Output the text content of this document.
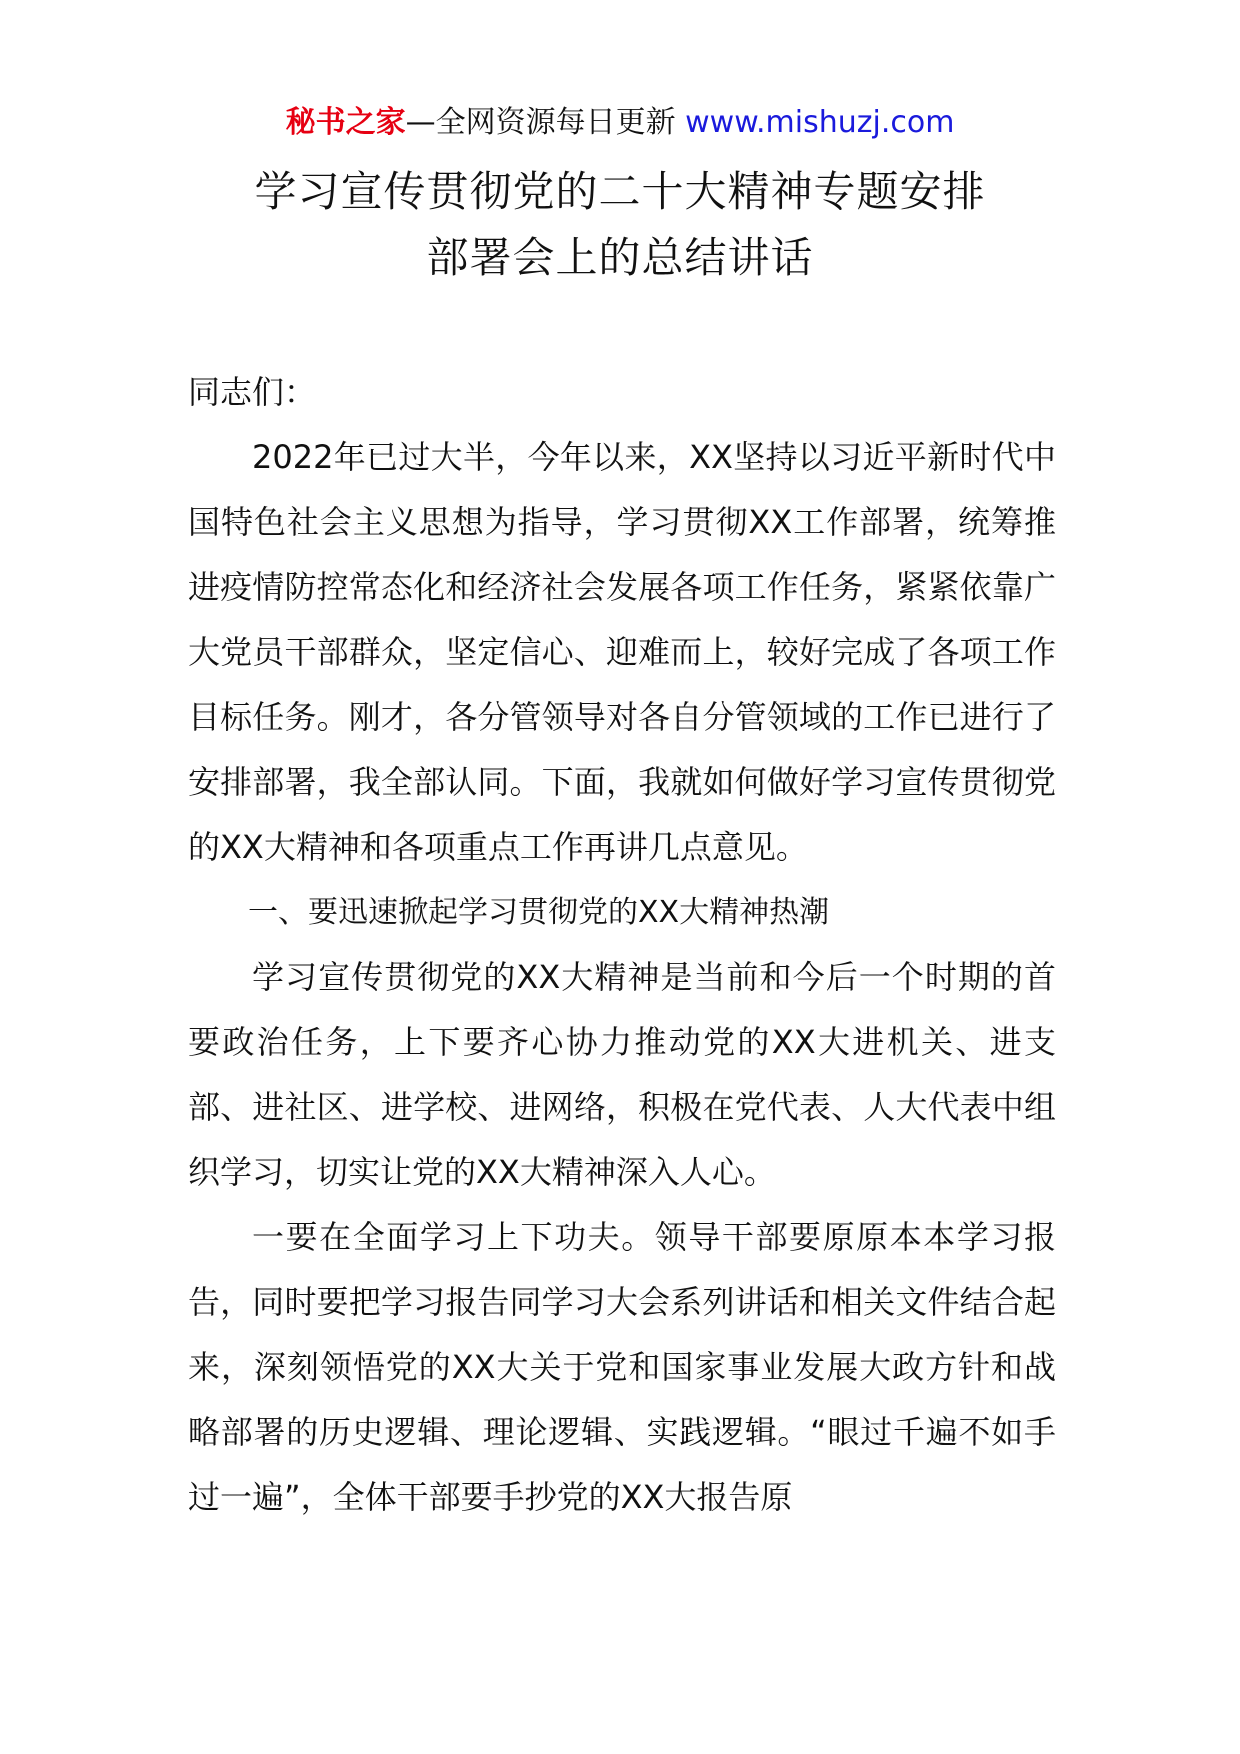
秘书之家—全网资源每日更新 www.mishuzj.com
学习宣传贯彻党的二十大精神专题安排
部署会上的总结讲话

同志们：

2022年已过大半，今年以来，XX坚持以习近平新时代中国特色社会主义思想为指导，学习贯彻XX工作部署，统筹推进疫情防控常态化和经济社会发展各项工作任务，紧紧依靠广大党员干部群众，坚定信心、迎难而上，较好完成了各项工作目标任务。刚才，各分管领导对各自分管领域的工作已进行了安排部署，我全部认同。下面，我就如何做好学习宣传贯彻党的XX大精神和各项重点工作再讲几点意见。

一、要迅速掀起学习贯彻党的XX大精神热潮

学习宣传贯彻党的XX大精神是当前和今后一个时期的首要政治任务，上下要齐心协力推动党的XX大进机关、进支部、进社区、进学校、进网络，积极在党代表、人大代表中组织学习，切实让党的XX大精神深入人心。

一要在全面学习上下功夫。领导干部要原原本本学习报告，同时要把学习报告同学习大会系列讲话和相关文件结合起来，深刻领悟党的XX大关于党和国家事业发展大政方针和战略部署的历史逻辑、理论逻辑、实践逻辑。“眼过千遍不如手过一遍”，全体干部要手抄党的XX大报告原
